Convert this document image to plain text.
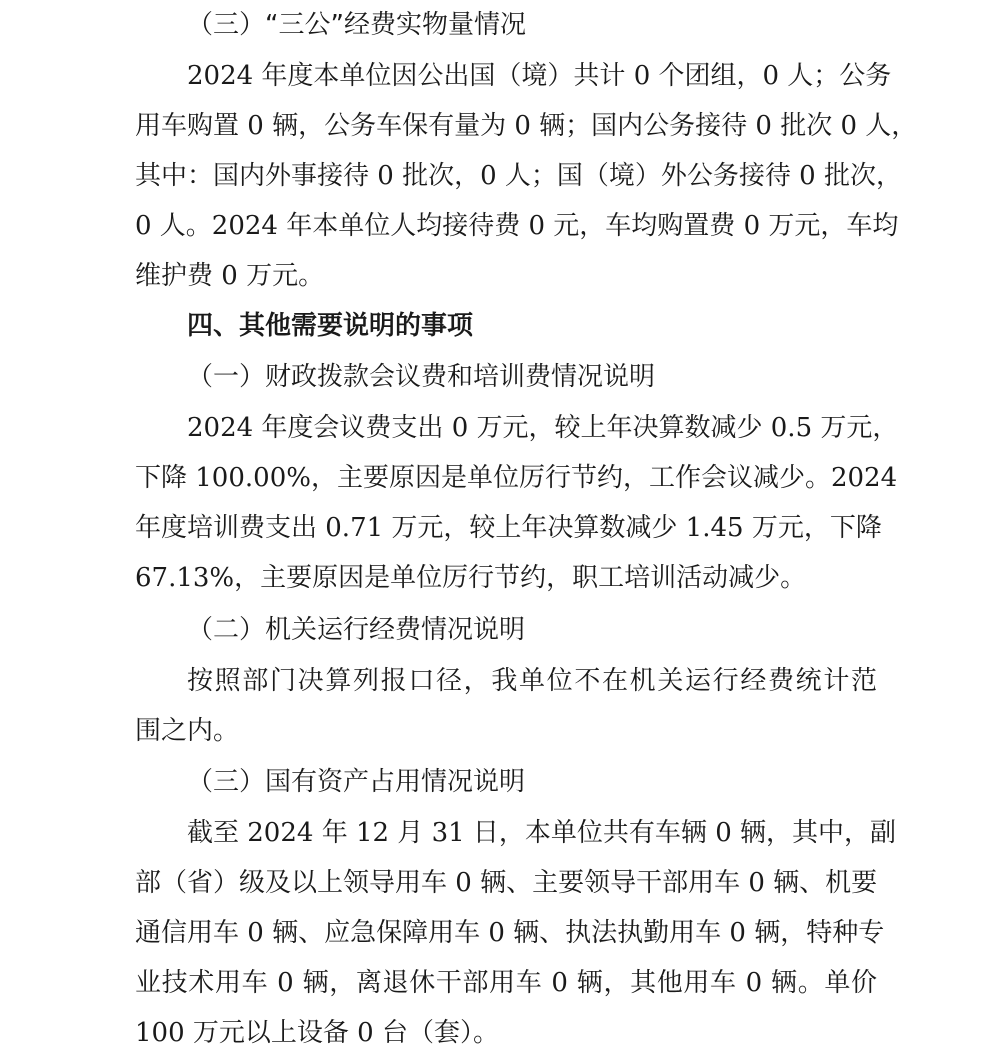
（三）“三公”经费实物量情况
2024 年度本单位因公出国（境）共计 0 个团组，0 人；公务
用车购置 0 辆，公务车保有量为 0 辆；国内公务接待 0 批次 0 人，
其中：国内外事接待 0 批次，0 人；国（境）外公务接待 0 批次，
0 人。2024 年本单位人均接待费 0 元，车均购置费 0 万元，车均
维护费 0 万元。
四、其他需要说明的事项
（一）财政拨款会议费和培训费情况说明
2024 年度会议费支出 0 万元，较上年决算数减少 0.5 万元，
下降 100.00%，主要原因是单位厉行节约，工作会议减少。2024
年度培训费支出 0.71 万元，较上年决算数减少 1.45 万元，下降
67.13%，主要原因是单位厉行节约，职工培训活动减少。
（二）机关运行经费情况说明
按照部门决算列报口径，我单位不在机关运行经费统计范
围之内。
（三）国有资产占用情况说明
截至 2024 年 12 月 31 日，本单位共有车辆 0 辆，其中，副
部（省）级及以上领导用车 0 辆、主要领导干部用车 0 辆、机要
通信用车 0 辆、应急保障用车 0 辆、执法执勤用车 0 辆，特种专
业技术用车 0 辆，离退休干部用车 0 辆，其他用车 0 辆。单价
100 万元以上设备 0 台（套）。
